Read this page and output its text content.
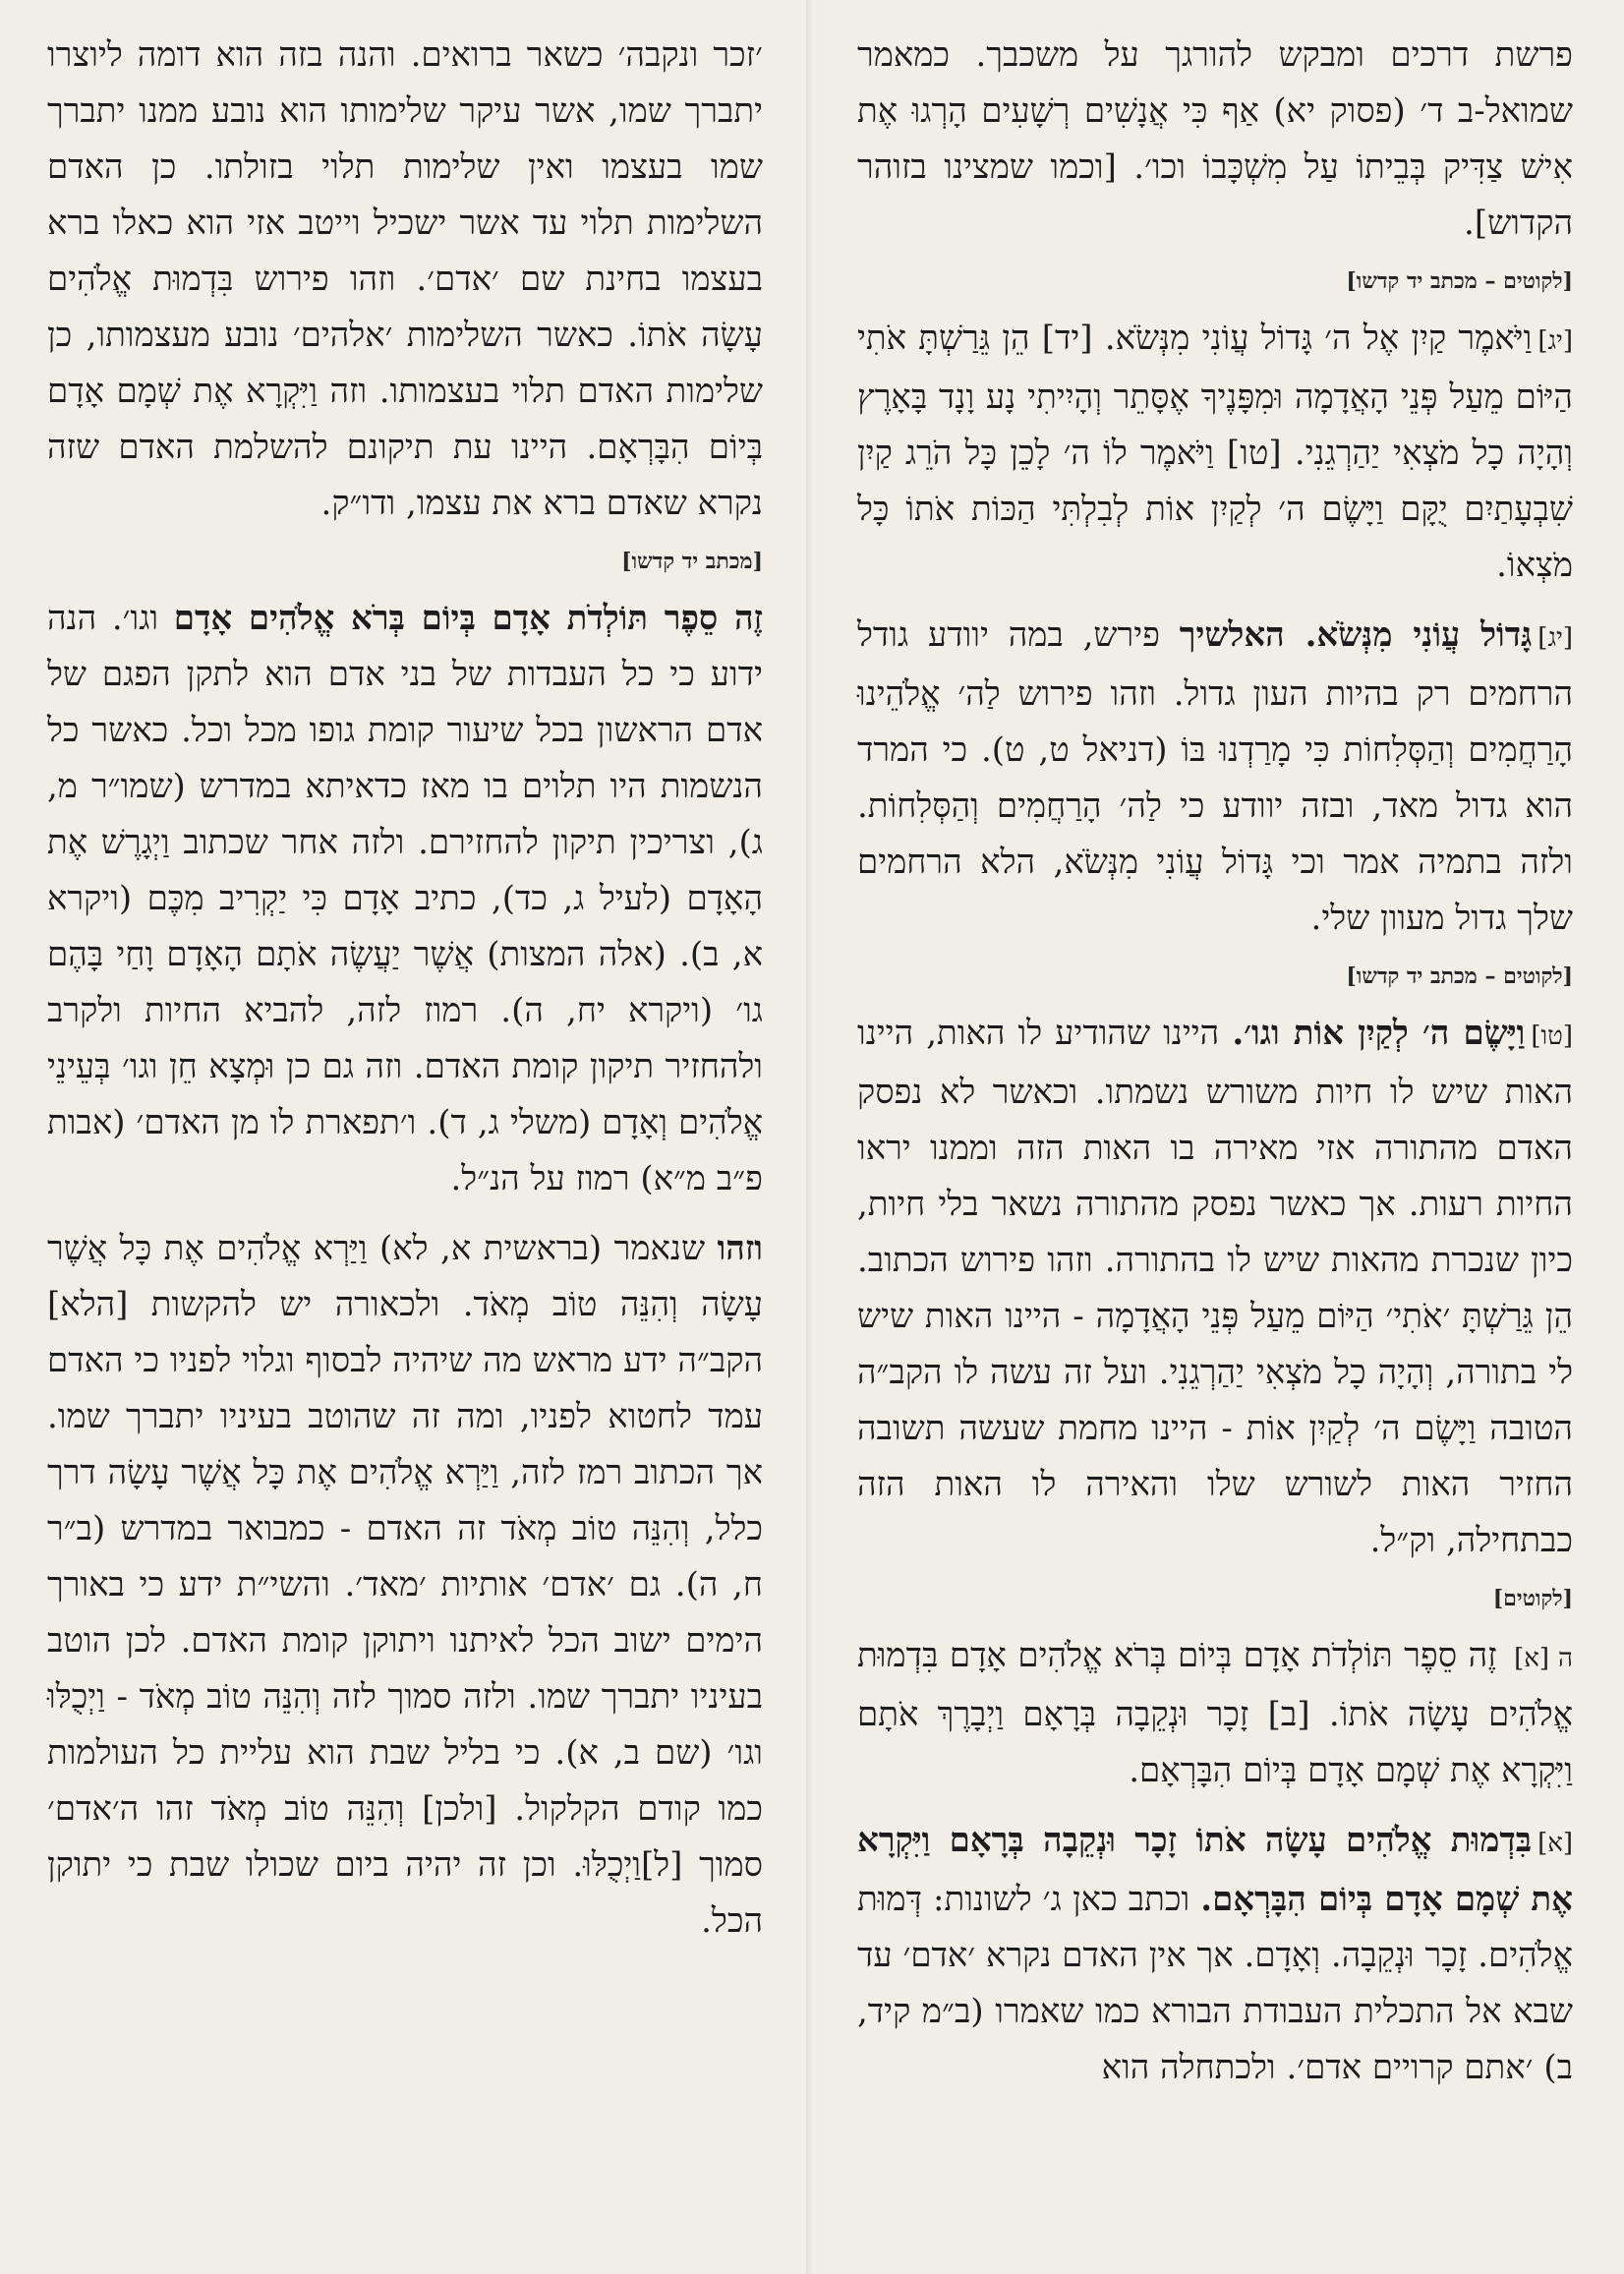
פרשת דרכים ומבקש להורגך על משכבך. כמאמר שמואל-ב ד׳ (פסוק יא) אַף כִּי אֲנָשִׁים רְשָׁעִים הָרְגוּ אֶת אִישׁ צַדִּיק בְּבֵיתוֹ עַל מִשְׁכָּבוֹ וכו׳. [וכמו שמצינו בזוהר הקדוש].

[לקוטים – מכתב יד קדשו]

[יג]וַיֹּאמֶר קַיִן אֶל ה׳ גָּדוֹל עֲוֹנִי מִנְּשֹׂא. [יד] הֵן גֵּרַשְׁתָּ אֹתִי הַיּוֹם מֵעַל פְּנֵי הָאֲדָמָה וּמִפָּנֶיךָ אֶסָּתֵר וְהָיִיתִי נָע וָנָד בָּאָרֶץ וְהָיָה כָל מֹצְאִי יַהַרְגֵנִי. [טו] וַיֹּאמֶר לוֹ ה׳ לָכֵן כָּל הֹרֵג קַיִן שִׁבְעָתַיִם יֻקָּם וַיָּשֶׂם ה׳ לְקַיִן אוֹת לְבִלְתִּי הַכּוֹת אֹתוֹ כָּל מֹצְאוֹ.

[יג]גָּדוֹל עֲוֹנִי מִנְּשֹׂא. האלשיך פירש, במה יוודע גודל הרחמים רק בהיות העון גדול. וזהו פירוש לַה׳ אֱלֹהֵינוּ הָרַחֲמִים וְהַסְּלִחוֹת כִּי מָרַדְנוּ בּוֹ (דניאל ט, ט). כי המרד הוא גדול מאד, ובזה יוודע כי לַה׳ הָרַחֲמִים וְהַסְּלִחוֹת. ולזה בתמיה אמר וכי גָּדוֹל עֲוֹנִי מִנְּשֹׂא, הלא הרחמים שלך גדול מעוון שלי.

[לקוטים – מכתב יד קדשו]

[טו]וַיָּשֶׂם ה׳ לְקַיִן אוֹת וגו׳. היינו שהודיע לו האות, היינו האות שיש לו חיות משורש נשמתו. וכאשר לא נפסק האדם מהתורה אזי מאירה בו האות הזה וממנו יראו החיות רעות. אך כאשר נפסק מהתורה נשאר בלי חיות, כיון שנכרת מהאות שיש לו בהתורה. וזהו פירוש הכתוב. הֵן גֵּרַשְׁתָּ ׳אֹתִי׳ הַיּוֹם מֵעַל פְּנֵי הָאֲדָמָה - היינו האות שיש לי בתורה, וְהָיָה כָל מֹצְאִי יַהַרְגֵנִי. ועל זה עשה לו הקב״ה הטובה וַיָּשֶׂם ה׳ לְקַיִן אוֹת - היינו מחמת שעשה תשובה החזיר האות לשורש שלו והאירה לו האות הזה כבתחילה, וק״ל.

[לקוטים]

ה [א] זֶה סֵפֶר תּוֹלְדֹת אָדָם בְּיוֹם בְּרֹא אֱלֹהִים אָדָם בִּדְמוּת אֱלֹהִים עָשָׂה אֹתוֹ. [ב] זָכָר וּנְקֵבָה בְּרָאָם וַיְבָרֶךְ אֹתָם וַיִּקְרָא אֶת שְׁמָם אָדָם בְּיוֹם הִבָּרְאָם.

[א]בִּדְמוּת אֱלֹהִים עָשָׂה אֹתוֹ זָכָר וּנְקֵבָה בְּרָאָם וַיִּקְרָא אֶת שְׁמָם אָדָם בְּיוֹם הִבָּרְאָם. וכתב כאן ג׳ לשונות: דְּמוּת אֱלֹהִים. זָכָר וּנְקֵבָה. וְאָדָם. אך אין האדם נקרא ׳אדם׳ עד שבא אל התכלית העבודת הבורא כמו שאמרו (ב״מ קיד, ב) ׳אתם קרויים אדם׳. ולכתחלה הוא

׳זכר ונקבה׳ כשאר ברואים. והנה בזה הוא דומה ליוצרו יתברך שמו, אשר עיקר שלימותו הוא נובע ממנו יתברך שמו בעצמו ואין שלימות תלוי בזולתו. כן האדם השלימות תלוי עד אשר ישכיל וייטב אזי הוא כאלו ברא בעצמו בחינת שם ׳אדם׳. וזהו פירוש בִּדְמוּת אֱלֹהִים עָשָׂה אֹתוֹ. כאשר השלימות ׳אלהים׳ נובע מעצמותו, כן שלימות האדם תלוי בעצמותו. וזה וַיִּקְרָא אֶת שְׁמָם אָדָם בְּיוֹם הִבָּרְאָם. היינו עת תיקונם להשלמת האדם שזה נקרא שאדם ברא את עצמו, ודו״ק.

[מכתב יד קדשו]

זֶה סֵפֶר תּוֹלְדֹת אָדָם בְּיוֹם בְּרֹא אֱלֹהִים אָדָם וגו׳. הנה ידוע כי כל העבדות של בני אדם הוא לתקן הפגם של אדם הראשון בכל שיעור קומת גופו מכל וכל. כאשר כל הנשמות היו תלוים בו מאז כדאיתא במדרש (שמו״ר מ, ג), וצריכין תיקון להחזירם. ולזה אחר שכתוב וַיְגָרֶשׁ אֶת הָאָדָם (לעיל ג, כד), כתיב אָדָם כִּי יַקְרִיב מִכֶּם (ויקרא א, ב). (אלה המצות) אֲשֶׁר יַעֲשֶׂה אֹתָם הָאָדָם וָחַי בָּהֶם גו׳ (ויקרא יח, ה). רמוז לזה, להביא החיות ולקרב ולהחזיר תיקון קומת האדם. וזה גם כן וּמְצָא חֵן וגו׳ בְּעֵינֵי אֱלֹהִים וְאָדָם (משלי ג, ד). ו׳תפארת לו מן האדם׳ (אבות פ״ב מ״א) רמוז על הנ״ל.

וזהו שנאמר (בראשית א, לא) וַיַּרְא אֱלֹהִים אֶת כָּל אֲשֶׁר עָשָׂה וְהִנֵּה טוֹב מְאֹד. ולכאורה יש להקשות [הלא] הקב״ה ידע מראש מה שיהיה לבסוף וגלוי לפניו כי האדם עמד לחטוא לפניו, ומה זה שהוטב בעיניו יתברך שמו. אך הכתוב רמז לזה, וַיַּרְא אֱלֹהִים אֶת כָּל אֲשֶׁר עָשָׂה דרך כלל, וְהִנֵּה טוֹב מְאֹד זה האדם - כמבואר במדרש (ב״ר ח, ה). גם ׳אדם׳ אותיות ׳מאד׳. והשי״ת ידע כי באורך הימים ישוב הכל לאיתנו ויתוקן קומת האדם. לכן הוטב בעיניו יתברך שמו. ולזה סמוך לזה וְהִנֵּה טוֹב מְאֹד - וַיְכֻלּוּ וגו׳ (שם ב, א). כי בליל שבת הוא עליית כל העולמות כמו קודם הקלקול. [ולכן] וְהִנֵּה טוֹב מְאֹד זהו ה׳אדם׳ סמוך [ל]וַיְכֻלּוּ. וכן זה יהיה ביום שכולו שבת כי יתוקן הכל.
